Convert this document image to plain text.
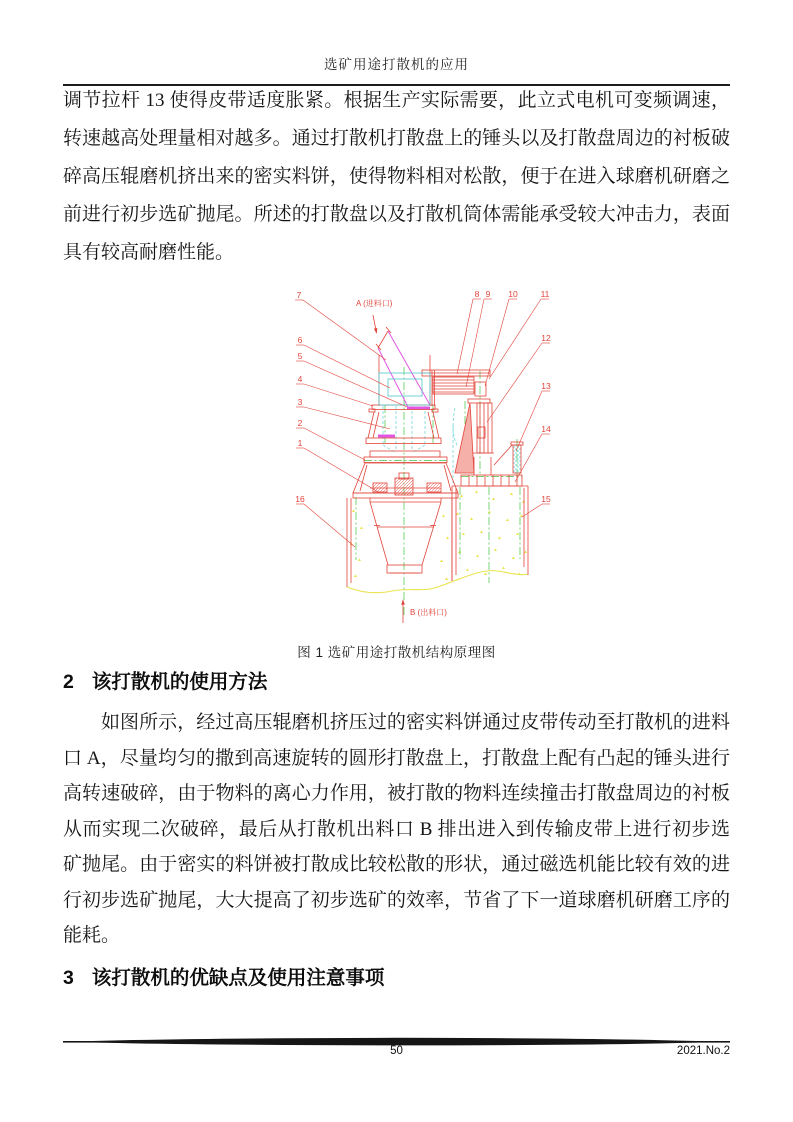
选矿用途打散机的应用

调节拉杆 13 使得皮带适度胀紧。根据生产实际需要，此立式电机可变频调速，转速越高处理量相对越多。通过打散机打散盘上的锤头以及打散盘周边的衬板破碎高压辊磨机挤出来的密实料饼，使得物料相对松散，便于在进入球磨机研磨之前进行初步选矿抛尾。所述的打散盘以及打散机筒体需能承受较大冲击力，表面具有较高耐磨性能。

A (进料口)
B (出料口)
7
6
5
4
3
2
1
16
8 9 10	11
12
13
14
15
图 1 选矿用途打散机结构原理图
2 该打散机的使用方法

如图所示，经过高压辊磨机挤压过的密实料饼通过皮带传动至打散机的进料口 A，尽量均匀的撒到高速旋转的圆形打散盘上，打散盘上配有凸起的锤头进行高转速破碎，由于物料的离心力作用，被打散的物料连续撞击打散盘周边的衬板从而实现二次破碎，最后从打散机出料口 B 排出进入到传输皮带上进行初步选矿抛尾。由于密实的料饼被打散成比较松散的形状，通过磁选机能比较有效的进行初步选矿抛尾，大大提高了初步选矿的效率，节省了下一道球磨机研磨工序的能耗。

3 该打散机的优缺点及使用注意事项
50	2021.No.2
